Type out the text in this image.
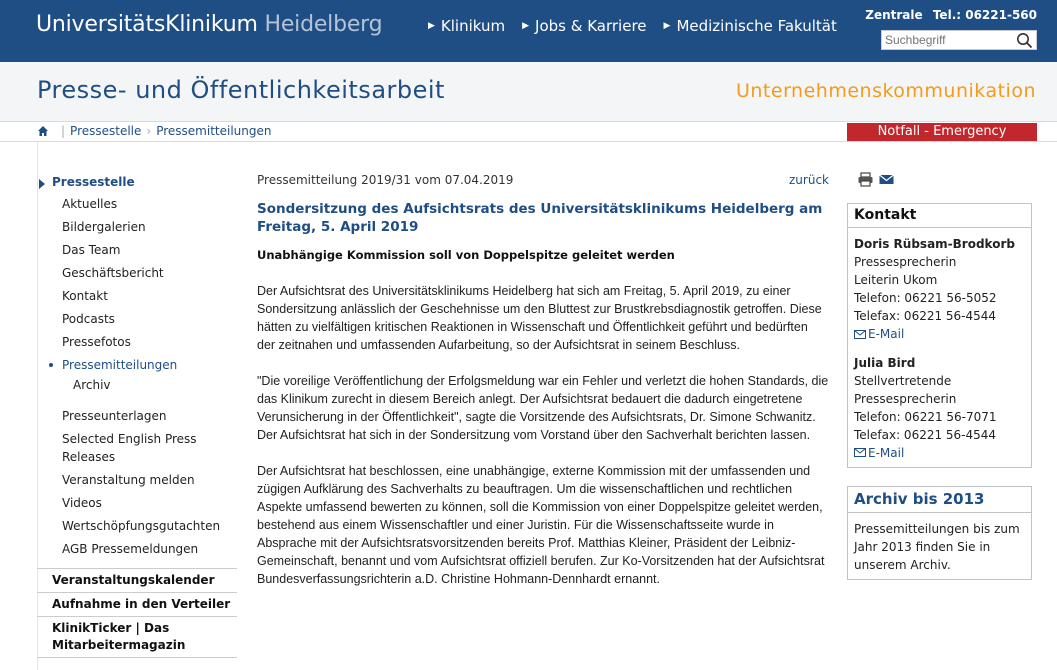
UniversitätsKlinikum Heidelberg	▶ Klinikum ▶ Jobs & Karriere ▶ Medizinische Fakultät
Zentrale Tel.: 06221-560
Suchbegriff
Presse- und Öffentlichkeitsarbeit	Unternehmenskommunikation
| Pressestelle › Pressemitteilungen	Notfall - Emergency
Pressestelle
Aktuelles
Bildergalerien
Das Team
Geschäftsbericht
Kontakt
Podcasts
Pressefotos
Pressemitteilungen
Archiv
Presseunterlagen
Selected English Press Releases
Veranstaltung melden
Videos
Wertschöpfungsgutachten
AGB Pressemeldungen
Veranstaltungskalender
Aufnahme in den Verteiler
KlinikTicker | Das Mitarbeitermagazin
Pressemitteilung 2019/31 vom 07.04.2019	zurück
Sondersitzung des Aufsichtsrats des Universitätsklinikums Heidelberg am Freitag, 5. April 2019
Unabhängige Kommission soll von Doppelspitze geleitet werden

Der Aufsichtsrat des Universitätsklinikums Heidelberg hat sich am Freitag, 5. April 2019, zu einer Sondersitzung anlässlich der Geschehnisse um den Bluttest zur Brustkrebsdiagnostik getroffen. Diese hätten zu vielfältigen kritischen Reaktionen in Wissenschaft und Öffentlichkeit geführt und bedürften der zeitnahen und umfassenden Aufarbeitung, so der Aufsichtsrat in seinem Beschluss.

"Die voreilige Veröffentlichung der Erfolgsmeldung war ein Fehler und verletzt die hohen Standards, die das Klinikum zurecht in diesem Bereich anlegt. Der Aufsichtsrat bedauert die dadurch eingetretene Verunsicherung in der Öffentlichkeit", sagte die Vorsitzende des Aufsichtsrats, Dr. Simone Schwanitz. Der Aufsichtsrat hat sich in der Sondersitzung vom Vorstand über den Sachverhalt berichten lassen.

Der Aufsichtsrat hat beschlossen, eine unabhängige, externe Kommission mit der umfassenden und zügigen Aufklärung des Sachverhalts zu beauftragen. Um die wissenschaftlichen und rechtlichen Aspekte umfassend bewerten zu können, soll die Kommission von einer Doppelspitze geleitet werden, bestehend aus einem Wissenschaftler und einer Juristin. Für die Wissenschaftsseite wurde in Absprache mit der Aufsichtsratsvorsitzenden bereits Prof. Matthias Kleiner, Präsident der Leibniz-Gemeinschaft, benannt und vom Aufsichtsrat offiziell berufen. Zur Ko-Vorsitzenden hat der Aufsichtsrat Bundesverfassungsrichterin a.D. Christine Hohmann-Dennhardt ernannt.

Kontakt
Doris Rübsam-Brodkorb
Pressesprecherin
Leiterin Ukom
Telefon: 06221 56-5052
Telefax: 06221 56-4544
E-Mail
Julia Bird
Stellvertretende
Pressesprecherin
Telefon: 06221 56-7071
Telefax: 06221 56-4544
E-Mail
Archiv bis 2013
Pressemitteilungen bis zum Jahr 2013 finden Sie in unserem Archiv.
